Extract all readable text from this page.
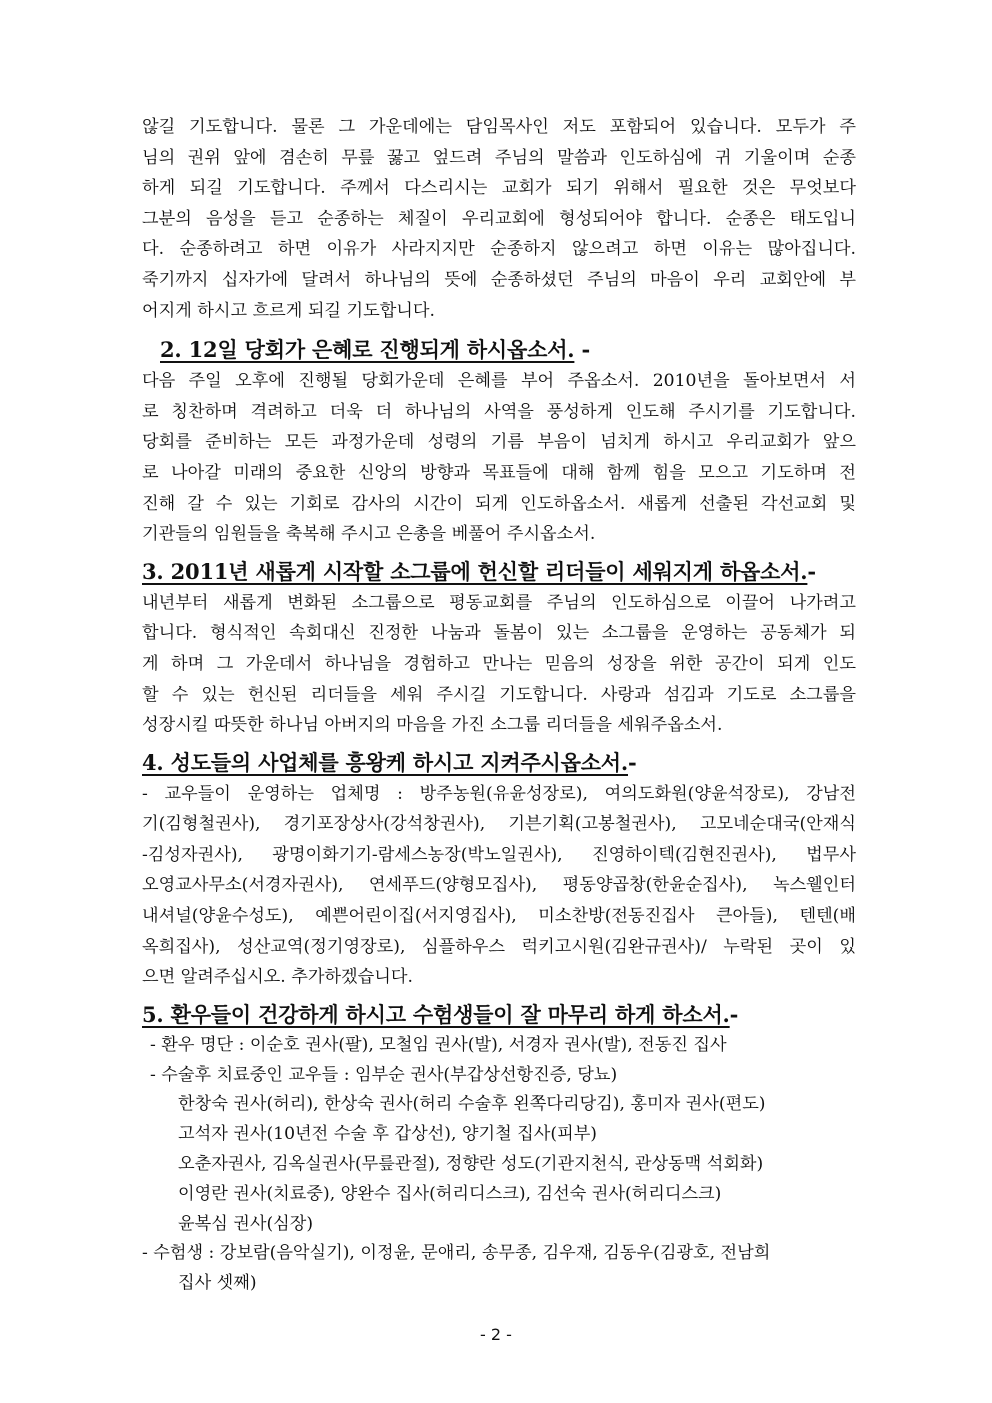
않길 기도합니다. 물론 그 가운데에는 담임목사인 저도 포함되어 있습니다. 모두가 주
님의 권위 앞에 겸손히 무릎 꿇고 엎드려 주님의 말씀과 인도하심에 귀 기울이며 순종
하게 되길 기도합니다. 주께서 다스리시는 교회가 되기 위해서 필요한 것은 무엇보다
그분의 음성을 듣고 순종하는 체질이 우리교회에 형성되어야 합니다. 순종은 태도입니
다. 순종하려고 하면 이유가 사라지지만 순종하지 않으려고 하면 이유는 많아집니다.
죽기까지 십자가에 달려서 하나님의 뜻에 순종하셨던 주님의 마음이 우리 교회안에 부
어지게 하시고 흐르게 되길 기도합니다.

2. 12일 당회가 은혜로 진행되게 하시옵소서. -

다음 주일 오후에 진행될 당회가운데 은혜를 부어 주옵소서. 2010년을 돌아보면서 서
로 칭찬하며 격려하고 더욱 더 하나님의 사역을 풍성하게 인도해 주시기를 기도합니다.
당회를 준비하는 모든 과정가운데 성령의 기름 부음이 넘치게 하시고 우리교회가 앞으
로 나아갈 미래의 중요한 신앙의 방향과 목표들에 대해 함께 힘을 모으고 기도하며 전
진해 갈 수 있는 기회로 감사의 시간이 되게 인도하옵소서. 새롭게 선출된 각선교회 및
기관들의 임원들을 축복해 주시고 은총을 베풀어 주시옵소서.

3. 2011년 새롭게 시작할 소그룹에 헌신할 리더들이 세워지게 하옵소서.-

내년부터 새롭게 변화된 소그룹으로 평동교회를 주님의 인도하심으로 이끌어 나가려고
합니다. 형식적인 속회대신 진정한 나눔과 돌봄이 있는 소그룹을 운영하는 공동체가 되
게 하며 그 가운데서 하나님을 경험하고 만나는 믿음의 성장을 위한 공간이 되게 인도
할 수 있는 헌신된 리더들을 세워 주시길 기도합니다. 사랑과 섬김과 기도로 소그룹을
성장시킬 따뜻한 하나님 아버지의 마음을 가진 소그룹 리더들을 세워주옵소서.

4. 성도들의 사업체를 흥왕케 하시고 지켜주시옵소서.-

- 교우들이 운영하는 업체명 : 방주농원(유윤성장로), 여의도화원(양윤석장로), 강남전
기(김형철권사), 경기포장상사(강석창권사), 기븐기획(고봉철권사), 고모네순대국(안재식
-김성자권사), 광명이화기기-람세스농장(박노일권사), 진영하이텍(김현진권사), 법무사
오영교사무소(서경자권사), 연세푸드(양형모집사), 평동양곱창(한윤순집사), 녹스웰인터
내셔널(양윤수성도), 예쁜어린이집(서지영집사), 미소찬방(전동진집사 큰아들), 텐텐(배
옥희집사), 성산교역(정기영장로), 심플하우스 럭키고시원(김완규권사)/ 누락된 곳이 있
으면 알려주십시오. 추가하겠습니다.

5. 환우들이 건강하게 하시고 수험생들이 잘 마무리 하게 하소서.-
- 환우 명단 : 이순호 권사(팔), 모철임 권사(발), 서경자 권사(발), 전동진 집사
- 수술후 치료중인 교우들 : 임부순 권사(부갑상선항진증, 당뇨)
한창숙 권사(허리), 한상숙 권사(허리 수술후 왼쪽다리당김), 홍미자 권사(편도)
고석자 권사(10년전 수술 후 갑상선), 양기철 집사(피부)
오춘자권사, 김옥실권사(무릎관절), 정향란 성도(기관지천식, 관상동맥 석회화)
이영란 권사(치료중), 양완수 집사(허리디스크), 김선숙 권사(허리디스크)
윤복심 권사(심장)
- 수험생 : 강보람(음악실기), 이정윤, 문애리, 송무종, 김우재, 김동우(김광호, 전남희
집사 셋째)
- 2 -
